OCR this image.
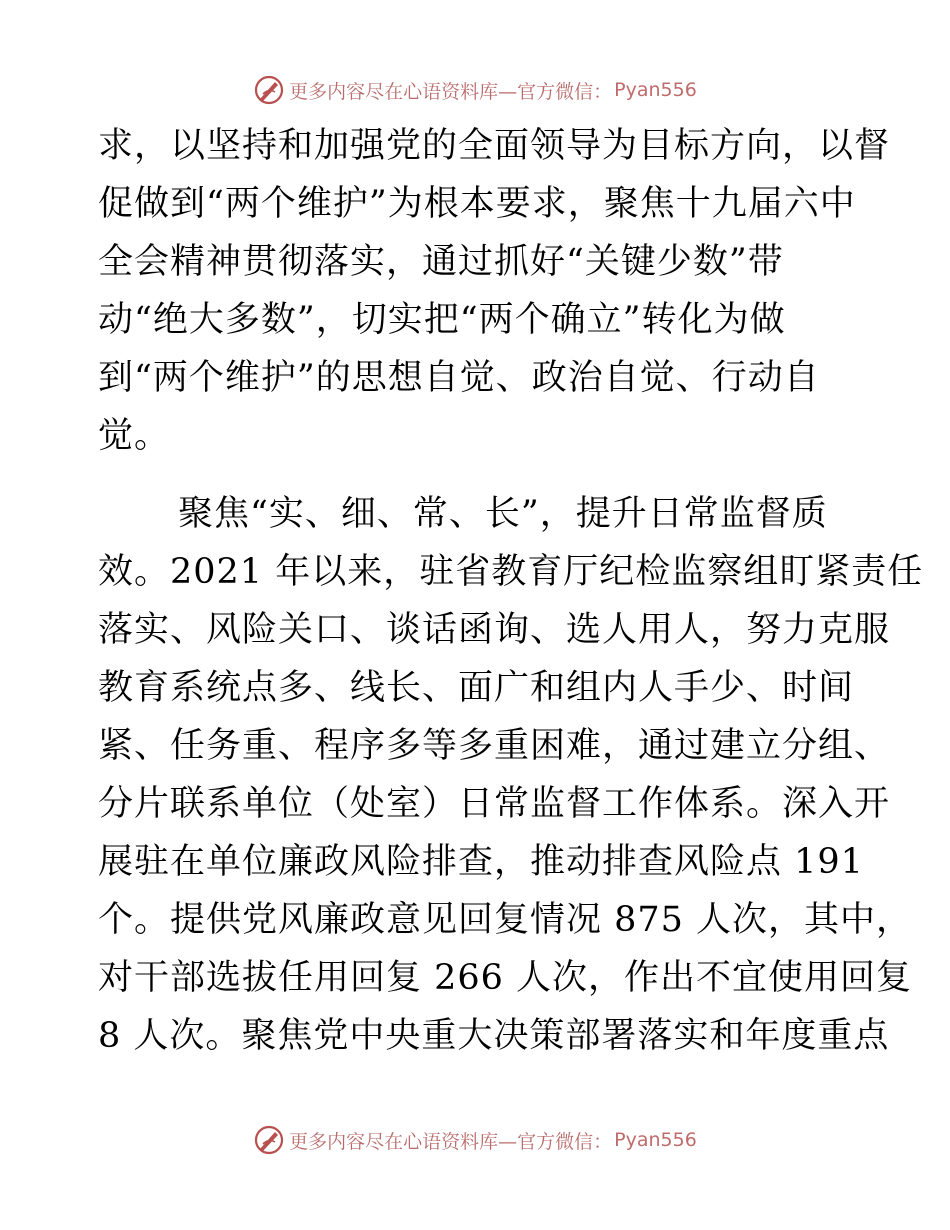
更多内容尽在心语资料库—官方微信： Pyan556
求，以坚持和加强党的全面领导为目标方向，以督
促做到“两个维护”为根本要求，聚焦十九届六中
全会精神贯彻落实，通过抓好“关键少数”带
动“绝大多数”，切实把“两个确立”转化为做
到“两个维护”的思想自觉、政治自觉、行动自
觉。
聚焦“实、细、常、长”，提升日常监督质
效。2021 年以来，驻省教育厅纪检监察组盯紧责任
落实、风险关口、谈话函询、选人用人，努力克服
教育系统点多、线长、面广和组内人手少、时间
紧、任务重、程序多等多重困难，通过建立分组、
分片联系单位（处室）日常监督工作体系。深入开
展驻在单位廉政风险排查，推动排查风险点 191
个。提供党风廉政意见回复情况 875 人次，其中，
对干部选拔任用回复 266 人次，作出不宜使用回复
8 人次。聚焦党中央重大决策部署落实和年度重点
更多内容尽在心语资料库—官方微信： Pyan556
